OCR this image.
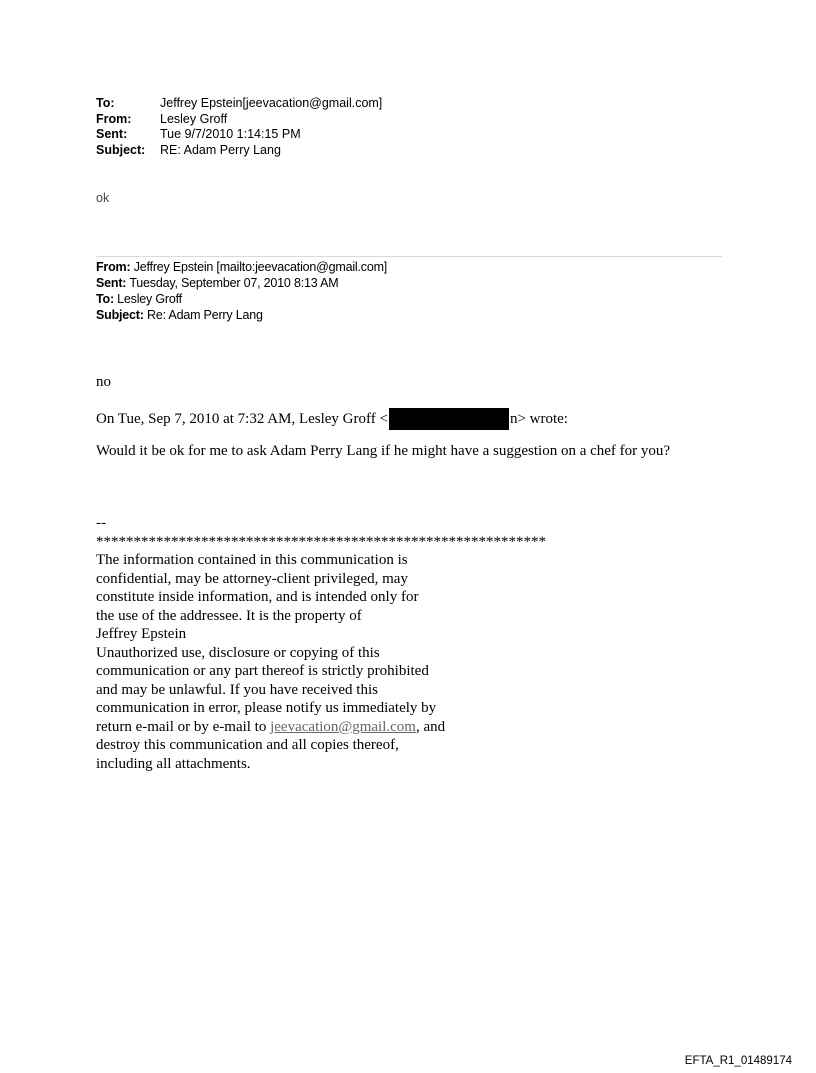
To:	Jeffrey Epstein[jeevacation@gmail.com]
From:	Lesley Groff
Sent:	Tue 9/7/2010 1:14:15 PM
Subject:	RE: Adam Perry Lang
ok
From: Jeffrey Epstein [mailto:jeevacation@gmail.com]
Sent: Tuesday, September 07, 2010 8:13 AM
To: Lesley Groff
Subject: Re: Adam Perry Lang
no
On Tue, Sep 7, 2010 at 7:32 AM, Lesley Groff <	n > wrote:
Would it be ok for me to ask Adam Perry Lang if he might have a suggestion on a chef for you?
--
************************************************************
The information contained in this communication is
confidential, may be attorney-client privileged, may
constitute inside information, and is intended only for
the use of the addressee. It is the property of
Jeffrey Epstein
Unauthorized use, disclosure or copying of this
communication or any part thereof is strictly prohibited
and may be unlawful. If you have received this
communication in error, please notify us immediately by
return e-mail or by e-mail to jeevacation@gmail.com, and
destroy this communication and all copies thereof,
including all attachments.
EFTA_R1_01489174
